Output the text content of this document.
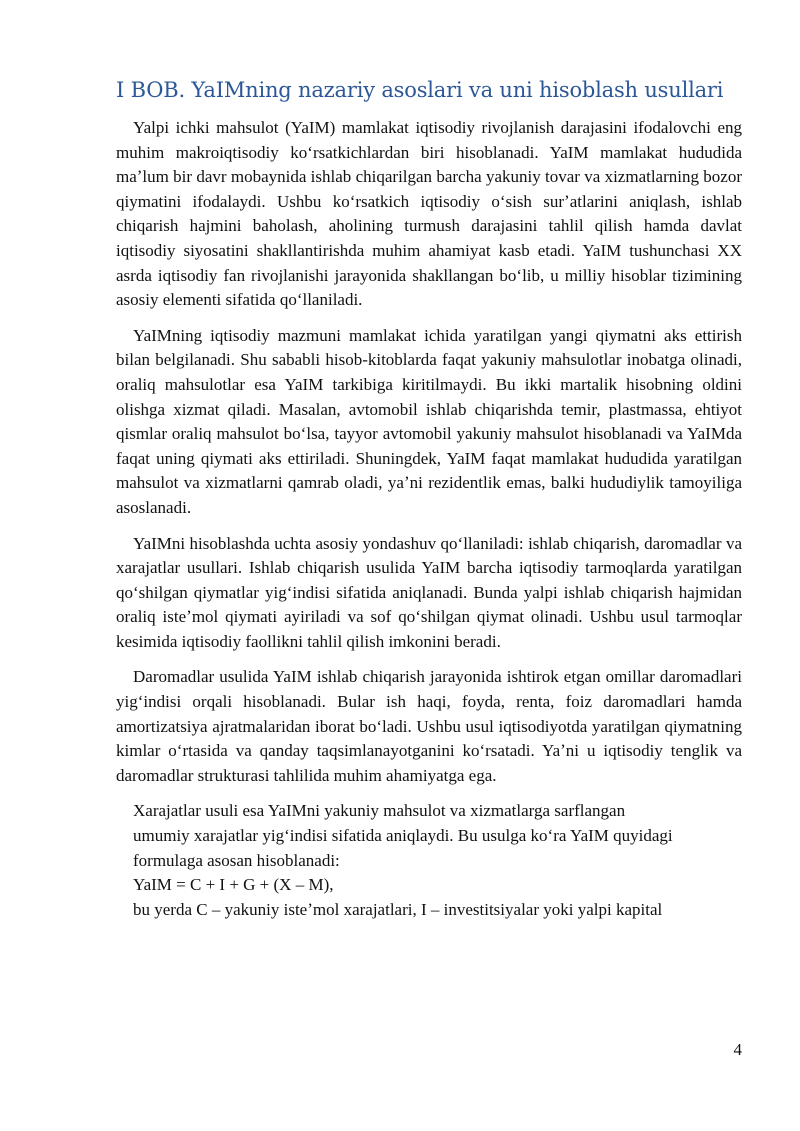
I BOB. YaIMning nazariy asoslari va uni hisoblash usullari

Yalpi ichki mahsulot (YaIM) mamlakat iqtisodiy rivojlanish darajasini ifodalovchi eng muhim makroiqtisodiy koʻrsatkichlardan biri hisoblanadi. YaIM mamlakat hududida maʼlum bir davr mobaynida ishlab chiqarilgan barcha yakuniy tovar va xizmatlarning bozor qiymatini ifodalaydi. Ushbu koʻrsatkich iqtisodiy oʻsish surʼatlarini aniqlash, ishlab chiqarish hajmini baholash, aholining turmush darajasini tahlil qilish hamda davlat iqtisodiy siyosatini shakllantirishda muhim ahamiyat kasb etadi. YaIM tushunchasi XX asrda iqtisodiy fan rivojlanishi jarayonida shakllangan boʻlib, u milliy hisoblar tizimining asosiy elementi sifatida qoʻllaniladi.

YaIMning iqtisodiy mazmuni mamlakat ichida yaratilgan yangi qiymatni aks ettirish bilan belgilanadi. Shu sababli hisob-kitoblarda faqat yakuniy mahsulotlar inobatga olinadi, oraliq mahsulotlar esa YaIM tarkibiga kiritilmaydi. Bu ikki martalik hisobning oldini olishga xizmat qiladi. Masalan, avtomobil ishlab chiqarishda temir, plastmassa, ehtiyot qismlar oraliq mahsulot boʻlsa, tayyor avtomobil yakuniy mahsulot hisoblanadi va YaIMda faqat uning qiymati aks ettiriladi. Shuningdek, YaIM faqat mamlakat hududida yaratilgan mahsulot va xizmatlarni qamrab oladi, yaʼni rezidentlik emas, balki hududiylik tamoyiliga asoslanadi.

YaIMni hisoblashda uchta asosiy yondashuv qoʻllaniladi: ishlab chiqarish, daromadlar va xarajatlar usullari. Ishlab chiqarish usulida YaIM barcha iqtisodiy tarmoqlarda yaratilgan qoʻshilgan qiymatlar yigʻindisi sifatida aniqlanadi. Bunda yalpi ishlab chiqarish hajmidan oraliq isteʼmol qiymati ayiriladi va sof qoʻshilgan qiymat olinadi. Ushbu usul tarmoqlar kesimida iqtisodiy faollikni tahlil qilish imkonini beradi.

Daromadlar usulida YaIM ishlab chiqarish jarayonida ishtirok etgan omillar daromadlari yigʻindisi orqali hisoblanadi. Bular ish haqi, foyda, renta, foiz daromadlari hamda amortizatsiya ajratmalaridan iborat boʻladi. Ushbu usul iqtisodiyotda yaratilgan qiymatning kimlar oʻrtasida va qanday taqsimlanayotganini koʻrsatadi. Yaʼni u iqtisodiy tenglik va daromadlar strukturasi tahlilida muhim ahamiyatga ega.

Xarajatlar usuli esa YaIMni yakuniy mahsulot va xizmatlarga sarflangan
umumiy xarajatlar yigʻindisi sifatida aniqlaydi. Bu usulga koʻra YaIM quyidagi
formulaga asosan hisoblanadi:
YaIM = C + I + G + (X – M),
bu yerda C – yakuniy isteʼmol xarajatlari, I – investitsiyalar yoki yalpi kapital
4
